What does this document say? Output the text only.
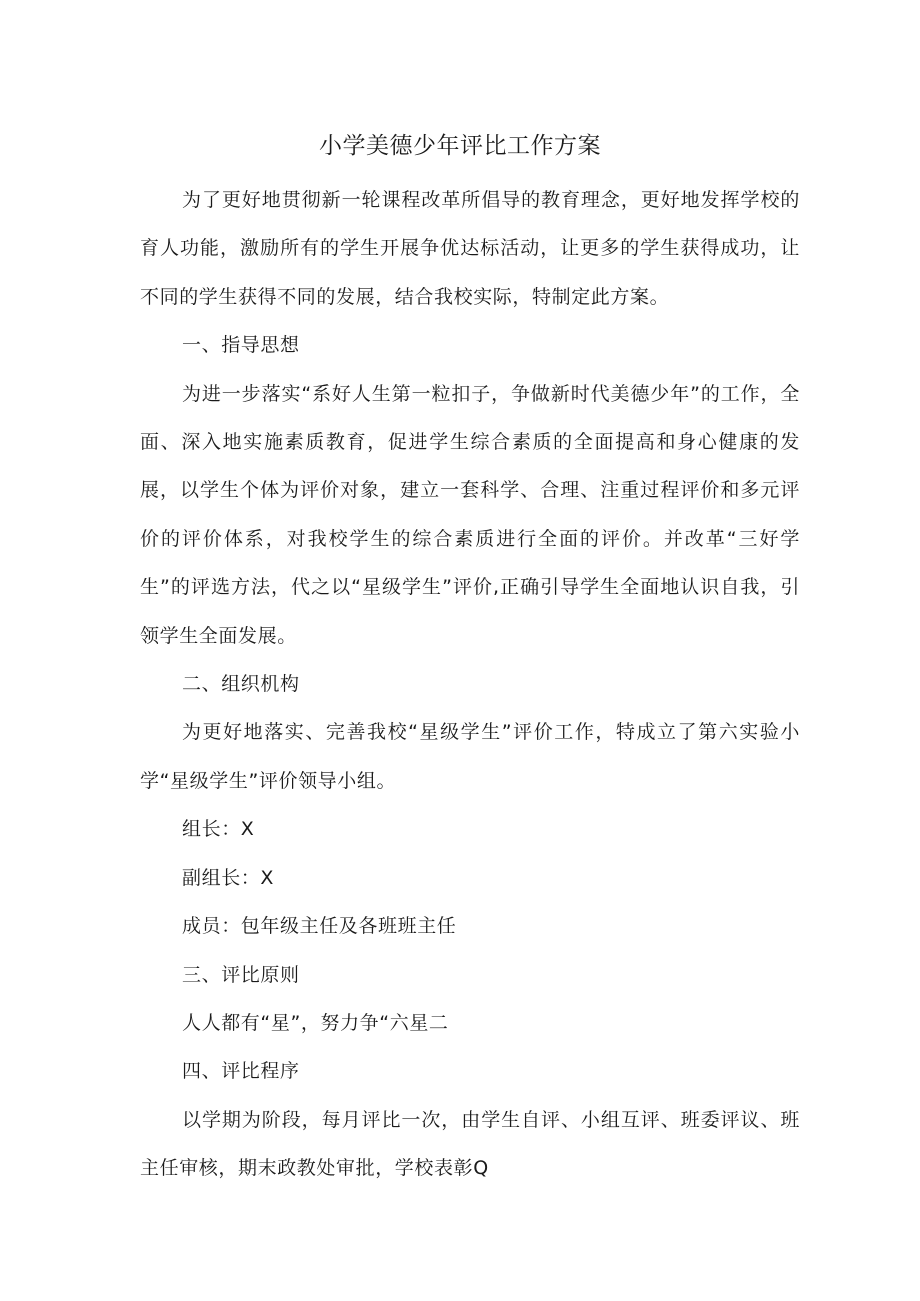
小学美德少年评比工作方案

为了更好地贯彻新一轮课程改革所倡导的教育理念，更好地发挥学校的育人功能，激励所有的学生开展争优达标活动，让更多的学生获得成功，让不同的学生获得不同的发展，结合我校实际，特制定此方案。

一、指导思想

为进一步落实“系好人生第一粒扣子，争做新时代美德少年”的工作，全面、深入地实施素质教育，促进学生综合素质的全面提高和身心健康的发展，以学生个体为评价对象，建立一套科学、合理、注重过程评价和多元评价的评价体系，对我校学生的综合素质进行全面的评价。并改革“三好学生”的评选方法，代之以“星级学生”评价,正确引导学生全面地认识自我，引领学生全面发展。

二、组织机构

为更好地落实、完善我校“星级学生”评价工作，特成立了第六实验小学“星级学生”评价领导小组。

组长：X

副组长：X

成员：包年级主任及各班班主任

三、评比原则

人人都有“星”，努力争“六星二

四、评比程序

以学期为阶段，每月评比一次，由学生自评、小组互评、班委评议、班主任审核，期末政教处审批，学校表彰Q
